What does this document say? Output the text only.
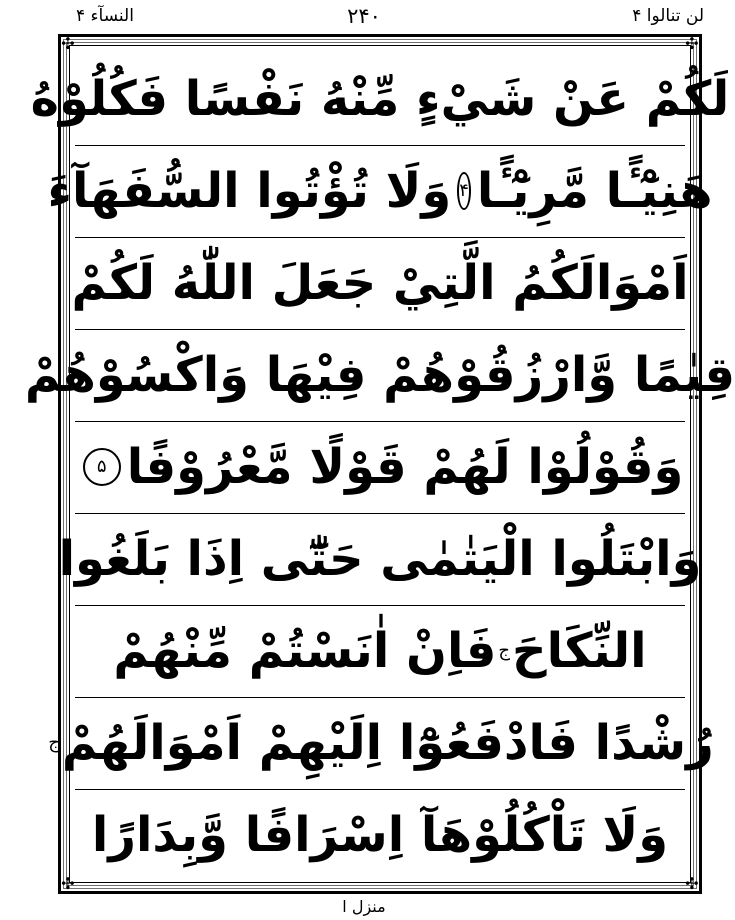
النسآء ۴	۲۴۰	لن تنالوا ۴
✣	✣
✣	✣
لَكُمْ عَنْ شَيْءٍ مِّنْهُ نَفْسًا فَكُلُوْهُ
هَنِيْٓـًٔا مَّرِيْٓـًٔا
۴
وَلَا تُؤْتُوا السُّفَهَآءَ
اَمْوَالَكُمُ الَّتِيْ جَعَلَ اللّٰهُ لَكُمْ
قِيٰمًا وَّارْزُقُوْهُمْ فِيْهَا وَاكْسُوْهُمْ
وَقُوْلُوْا لَهُمْ قَوْلًا مَّعْرُوْفًا
۵
وَابْتَلُوا الْيَتٰمٰى حَتّٰٓى اِذَا بَلَغُوا
النِّكَاحَ
ج
فَاِنْ اٰنَسْتُمْ مِّنْهُمْ
رُشْدًا فَادْفَعُوْٓا اِلَيْهِمْ اَمْوَالَهُمْ
ج
وَلَا تَاْكُلُوْهَآ اِسْرَافًا وَّبِدَارًا
منزل ا
